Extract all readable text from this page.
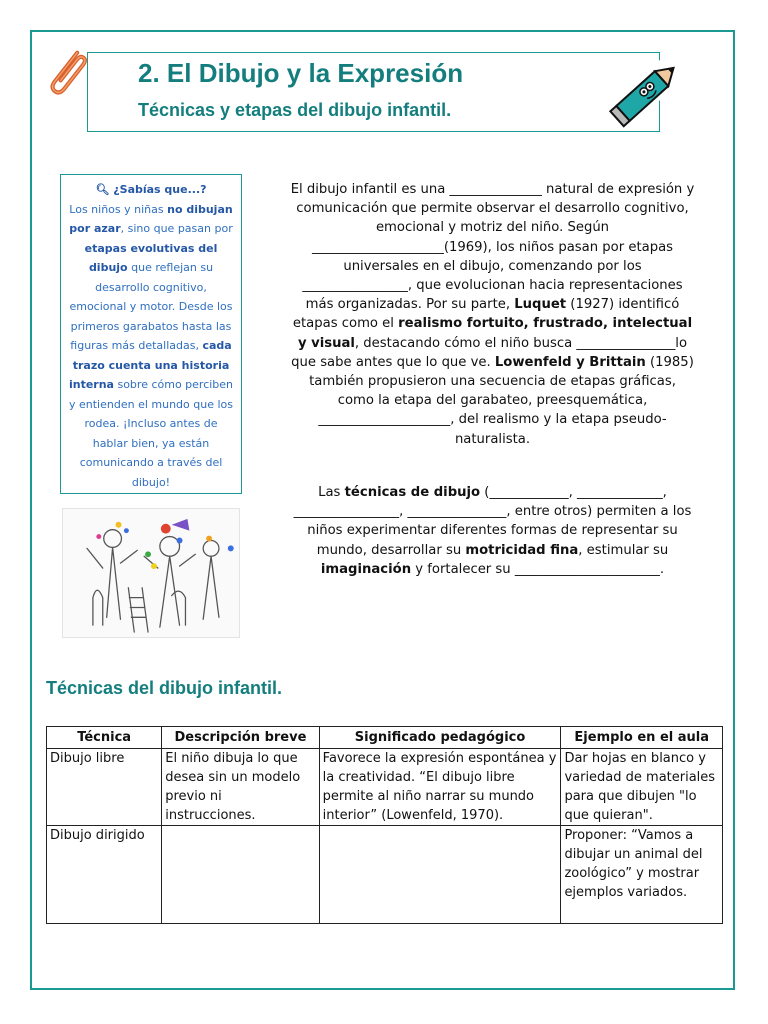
2. El Dibujo y la Expresión
Técnicas y etapas del dibujo infantil.
🔍︎ ¿Sabías que...?
Los niños y niñas no dibujan por azar, sino que pasan por etapas evolutivas del dibujo que reflejan su desarrollo cognitivo, emocional y motor. Desde los primeros garabatos hasta las figuras más detalladas, cada trazo cuenta una historia interna sobre cómo perciben y entienden el mundo que los rodea. ¡Incluso antes de hablar bien, ya están comunicando a través del dibujo!
El dibujo infantil es una ______________ natural de expresión y comunicación que permite observar el desarrollo cognitivo, emocional y motriz del niño. Según ____________________(1969), los niños pasan por etapas universales en el dibujo, comenzando por los ________________, que evolucionan hacia representaciones más organizadas. Por su parte, Luquet (1927) identificó etapas como el realismo fortuito, frustrado, intelectual y visual, destacando cómo el niño busca _______________lo que sabe antes que lo que ve. Lowenfeld y Brittain (1985) también propusieron una secuencia de etapas gráficas, como la etapa del garabateo, preesquemática, ____________________, del realismo y la etapa pseudo-naturalista.
Las técnicas de dibujo (____________, _____________, ________________, _______________, entre otros) permiten a los niños experimentar diferentes formas de representar su mundo, desarrollar su motricidad fina, estimular su imaginación y fortalecer su ______________________.
Técnicas del dibujo infantil.
Técnica	Descripción breve	Significado pedagógico	Ejemplo en el aula
Dibujo libre	El niño dibuja lo que desea sin un modelo previo ni instrucciones.	Favorece la expresión espontánea y la creatividad. “El dibujo libre permite al niño narrar su mundo interior” (Lowenfeld, 1970).	Dar hojas en blanco y variedad de materiales para que dibujen "lo que quieran".
Dibujo dirigido			Proponer: “Vamos a dibujar un animal del zoológico” y mostrar ejemplos variados.
